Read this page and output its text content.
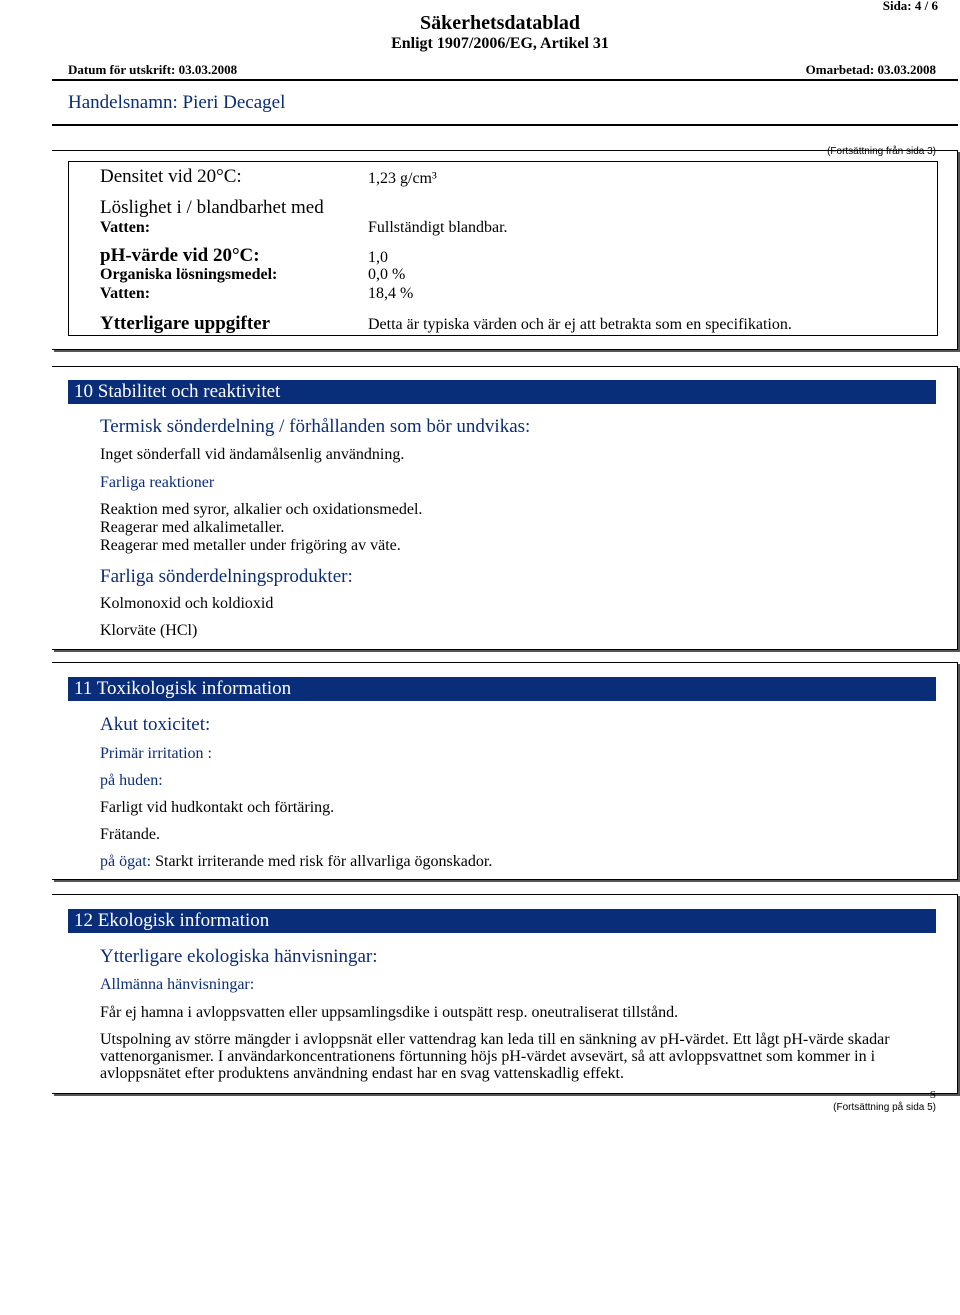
Sida: 4 / 6
Säkerhetsdatablad
Enligt 1907/2006/EG, Artikel 31
Datum för utskrift: 03.03.2008	Omarbetad: 03.03.2008
Handelsnamn: Pieri Decagel
(Fortsättning från sida 3)
Densitet vid 20°C:	1,23 g/cm³
Löslighet i / blandbarhet med
Vatten:	Fullständigt blandbar.
pH-värde vid 20°C:	1,0
Organiska lösningsmedel:	0,0 %
Vatten:	18,4 %
Ytterligare uppgifter	Detta är typiska värden och är ej att betrakta som en specifikation.
10 Stabilitet och reaktivitet
Termisk sönderdelning / förhållanden som bör undvikas:
Inget sönderfall vid ändamålsenlig användning.
Farliga reaktioner
Reaktion med syror, alkalier och oxidationsmedel.
Reagerar med alkalimetaller.
Reagerar med metaller under frigöring av väte.
Farliga sönderdelningsprodukter:
Kolmonoxid och koldioxid
Klorväte (HCl)
11 Toxikologisk information
Akut toxicitet:
Primär irritation :
på huden:
Farligt vid hudkontakt och förtäring.
Frätande.
på ögat: Starkt irriterande med risk för allvarliga ögonskador.
12 Ekologisk information
Ytterligare ekologiska hänvisningar:
Allmänna hänvisningar:
Får ej hamna i avloppsvatten eller uppsamlingsdike i outspätt resp. oneutraliserat tillstånd.
Utspolning av större mängder i avloppsnät eller vattendrag kan leda till en sänkning av pH-värdet. Ett lågt pH-värde skadar vattenorganismer. I användarkoncentrationens förtunning höjs pH-värdet avsevärt, så att avloppsvattnet som kommer in i avloppsnätet efter produktens användning endast har en svag vattenskadlig effekt.
S
(Fortsättning på sida 5)
